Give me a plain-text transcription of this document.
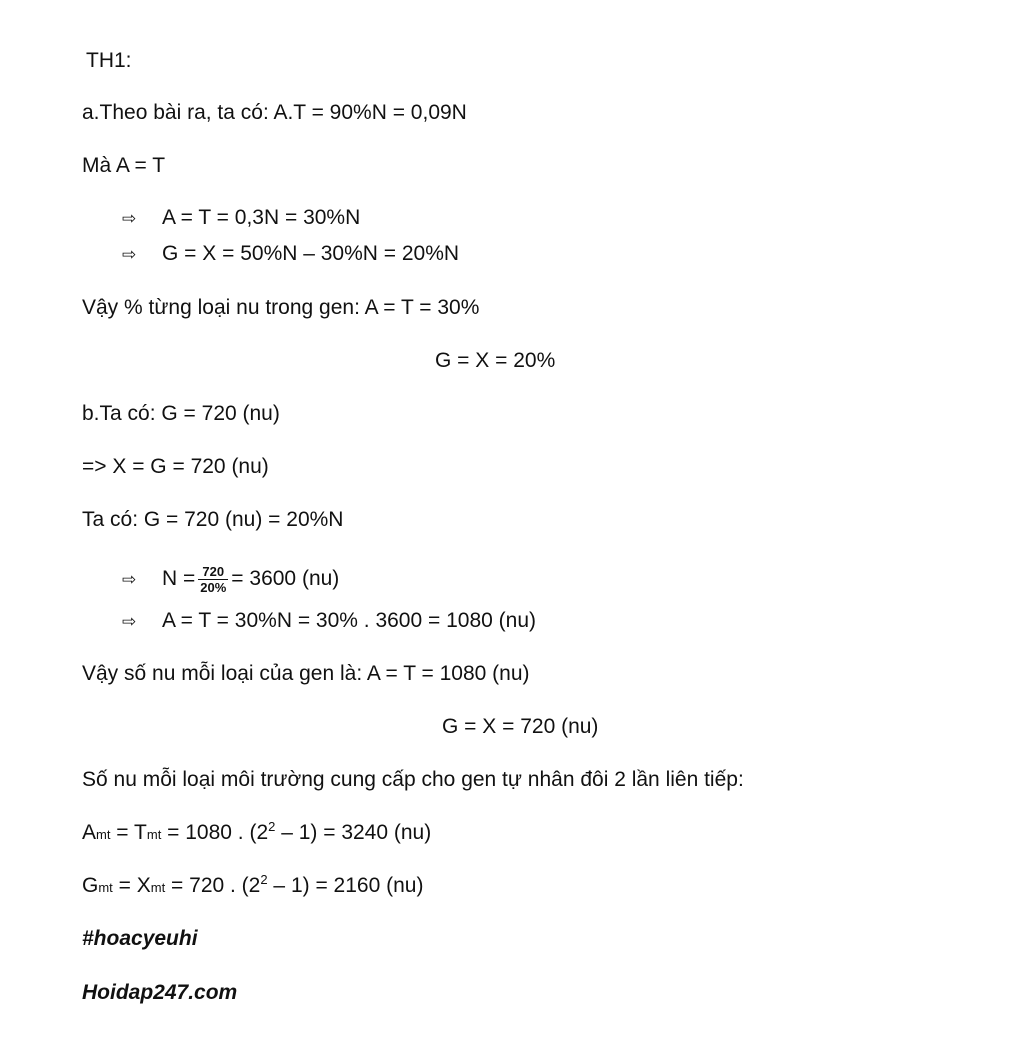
TH1:
a.Theo bài ra, ta có: A.T = 90%N = 0,09N
Mà A = T
⇨ A = T = 0,3N = 30%N
⇨ G = X = 50%N – 30%N = 20%N
Vậy % từng loại nu trong gen: A = T = 30%
G = X = 20%
b.Ta có: G = 720 (nu)
=> X = G = 720 (nu)
Ta có: G = 720 (nu) = 20%N
⇨ $N = \frac{720}{20\%} = 3600$ (nu)
⇨ A = T = 30%N = 30% . 3600 = 1080 (nu)
Vậy số nu mỗi loại của gen là: A = T = 1080 (nu)
G = X = 720 (nu)
Số nu mỗi loại môi trường cung cấp cho gen tự nhân đôi 2 lần liên tiếp:
Amt = Tmt = 1080 . $(2^2 - 1) = 3240$ (nu)
Gmt = Xmt = 720 . $(2^2 - 1) = 2160$ (nu)
#hoacyeuhi
Hoidap247.com
